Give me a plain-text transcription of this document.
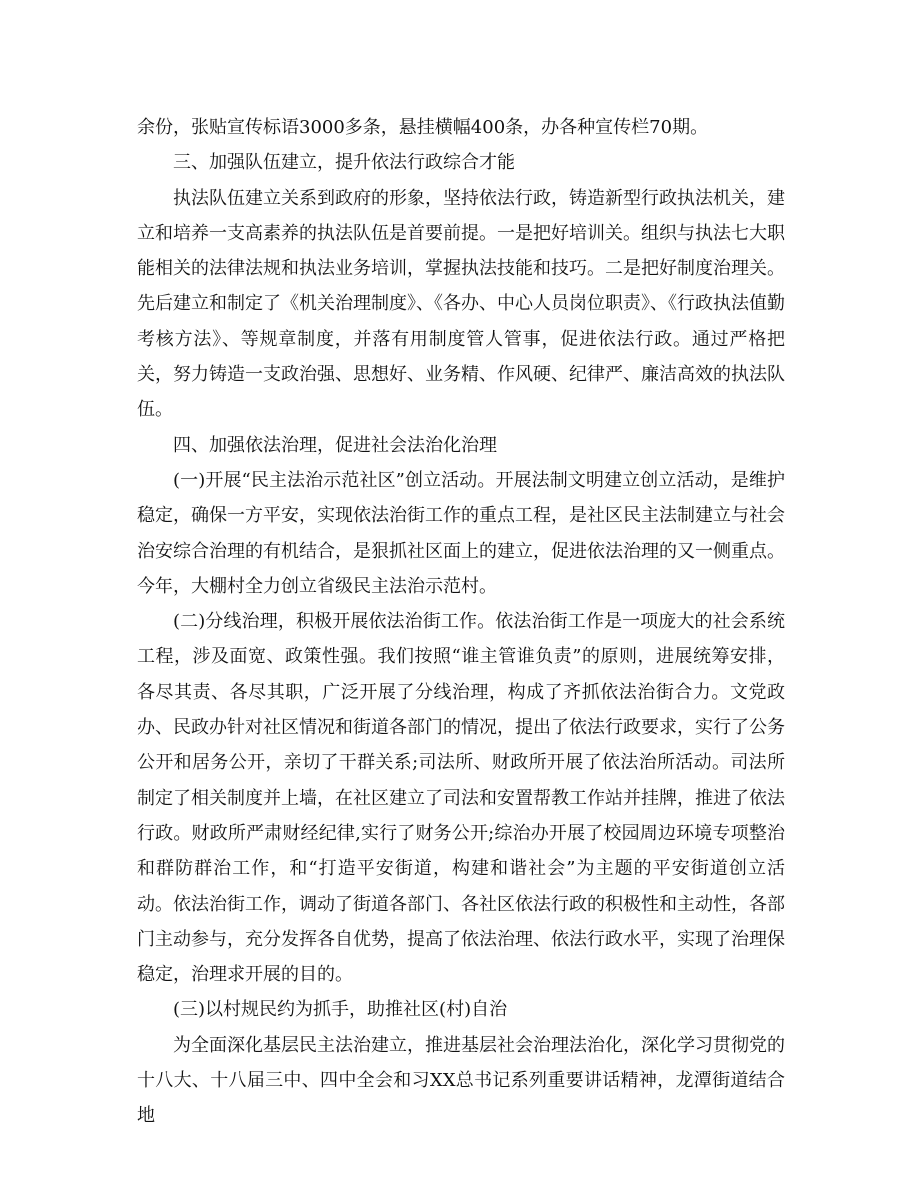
余份，张贴宣传标语3000多条，悬挂横幅400条，办各种宣传栏70期。

三、加强队伍建立，提升依法行政综合才能

执法队伍建立关系到政府的形象，坚持依法行政，铸造新型行政执法机关，建立和培养一支高素养的执法队伍是首要前提。一是把好培训关。组织与执法七大职能相关的法律法规和执法业务培训，掌握执法技能和技巧。二是把好制度治理关。先后建立和制定了《机关治理制度》、《各办、中心人员岗位职责》、《行政执法值勤考核方法》、等规章制度，并落有用制度管人管事，促进依法行政。通过严格把关，努力铸造一支政治强、思想好、业务精、作风硬、纪律严、廉洁高效的执法队伍。

四、加强依法治理，促进社会法治化治理

(一)开展“民主法治示范社区”创立活动。开展法制文明建立创立活动，是维护稳定，确保一方平安，实现依法治街工作的重点工程，是社区民主法制建立与社会治安综合治理的有机结合，是狠抓社区面上的建立，促进依法治理的又一侧重点。今年，大棚村全力创立省级民主法治示范村。

(二)分线治理，积极开展依法治街工作。依法治街工作是一项庞大的社会系统工程，涉及面宽、政策性强。我们按照“谁主管谁负责”的原则，进展统筹安排，各尽其责、各尽其职，广泛开展了分线治理，构成了齐抓依法治街合力。文党政办、民政办针对社区情况和街道各部门的情况，提出了依法行政要求，实行了公务公开和居务公开，亲切了干群关系;司法所、财政所开展了依法治所活动。司法所制定了相关制度并上墙，在社区建立了司法和安置帮教工作站并挂牌，推进了依法行政。财政所严肃财经纪律,实行了财务公开;综治办开展了校园周边环境专项整治和群防群治工作，和“打造平安街道，构建和谐社会”为主题的平安街道创立活动。依法治街工作，调动了街道各部门、各社区依法行政的积极性和主动性，各部门主动参与，充分发挥各自优势，提高了依法治理、依法行政水平，实现了治理保稳定，治理求开展的目的。

(三)以村规民约为抓手，助推社区(村)自治

为全面深化基层民主法治建立，推进基层社会治理法治化，深化学习贯彻党的十八大、十八届三中、四中全会和习XX总书记系列重要讲话精神，龙潭街道结合地
